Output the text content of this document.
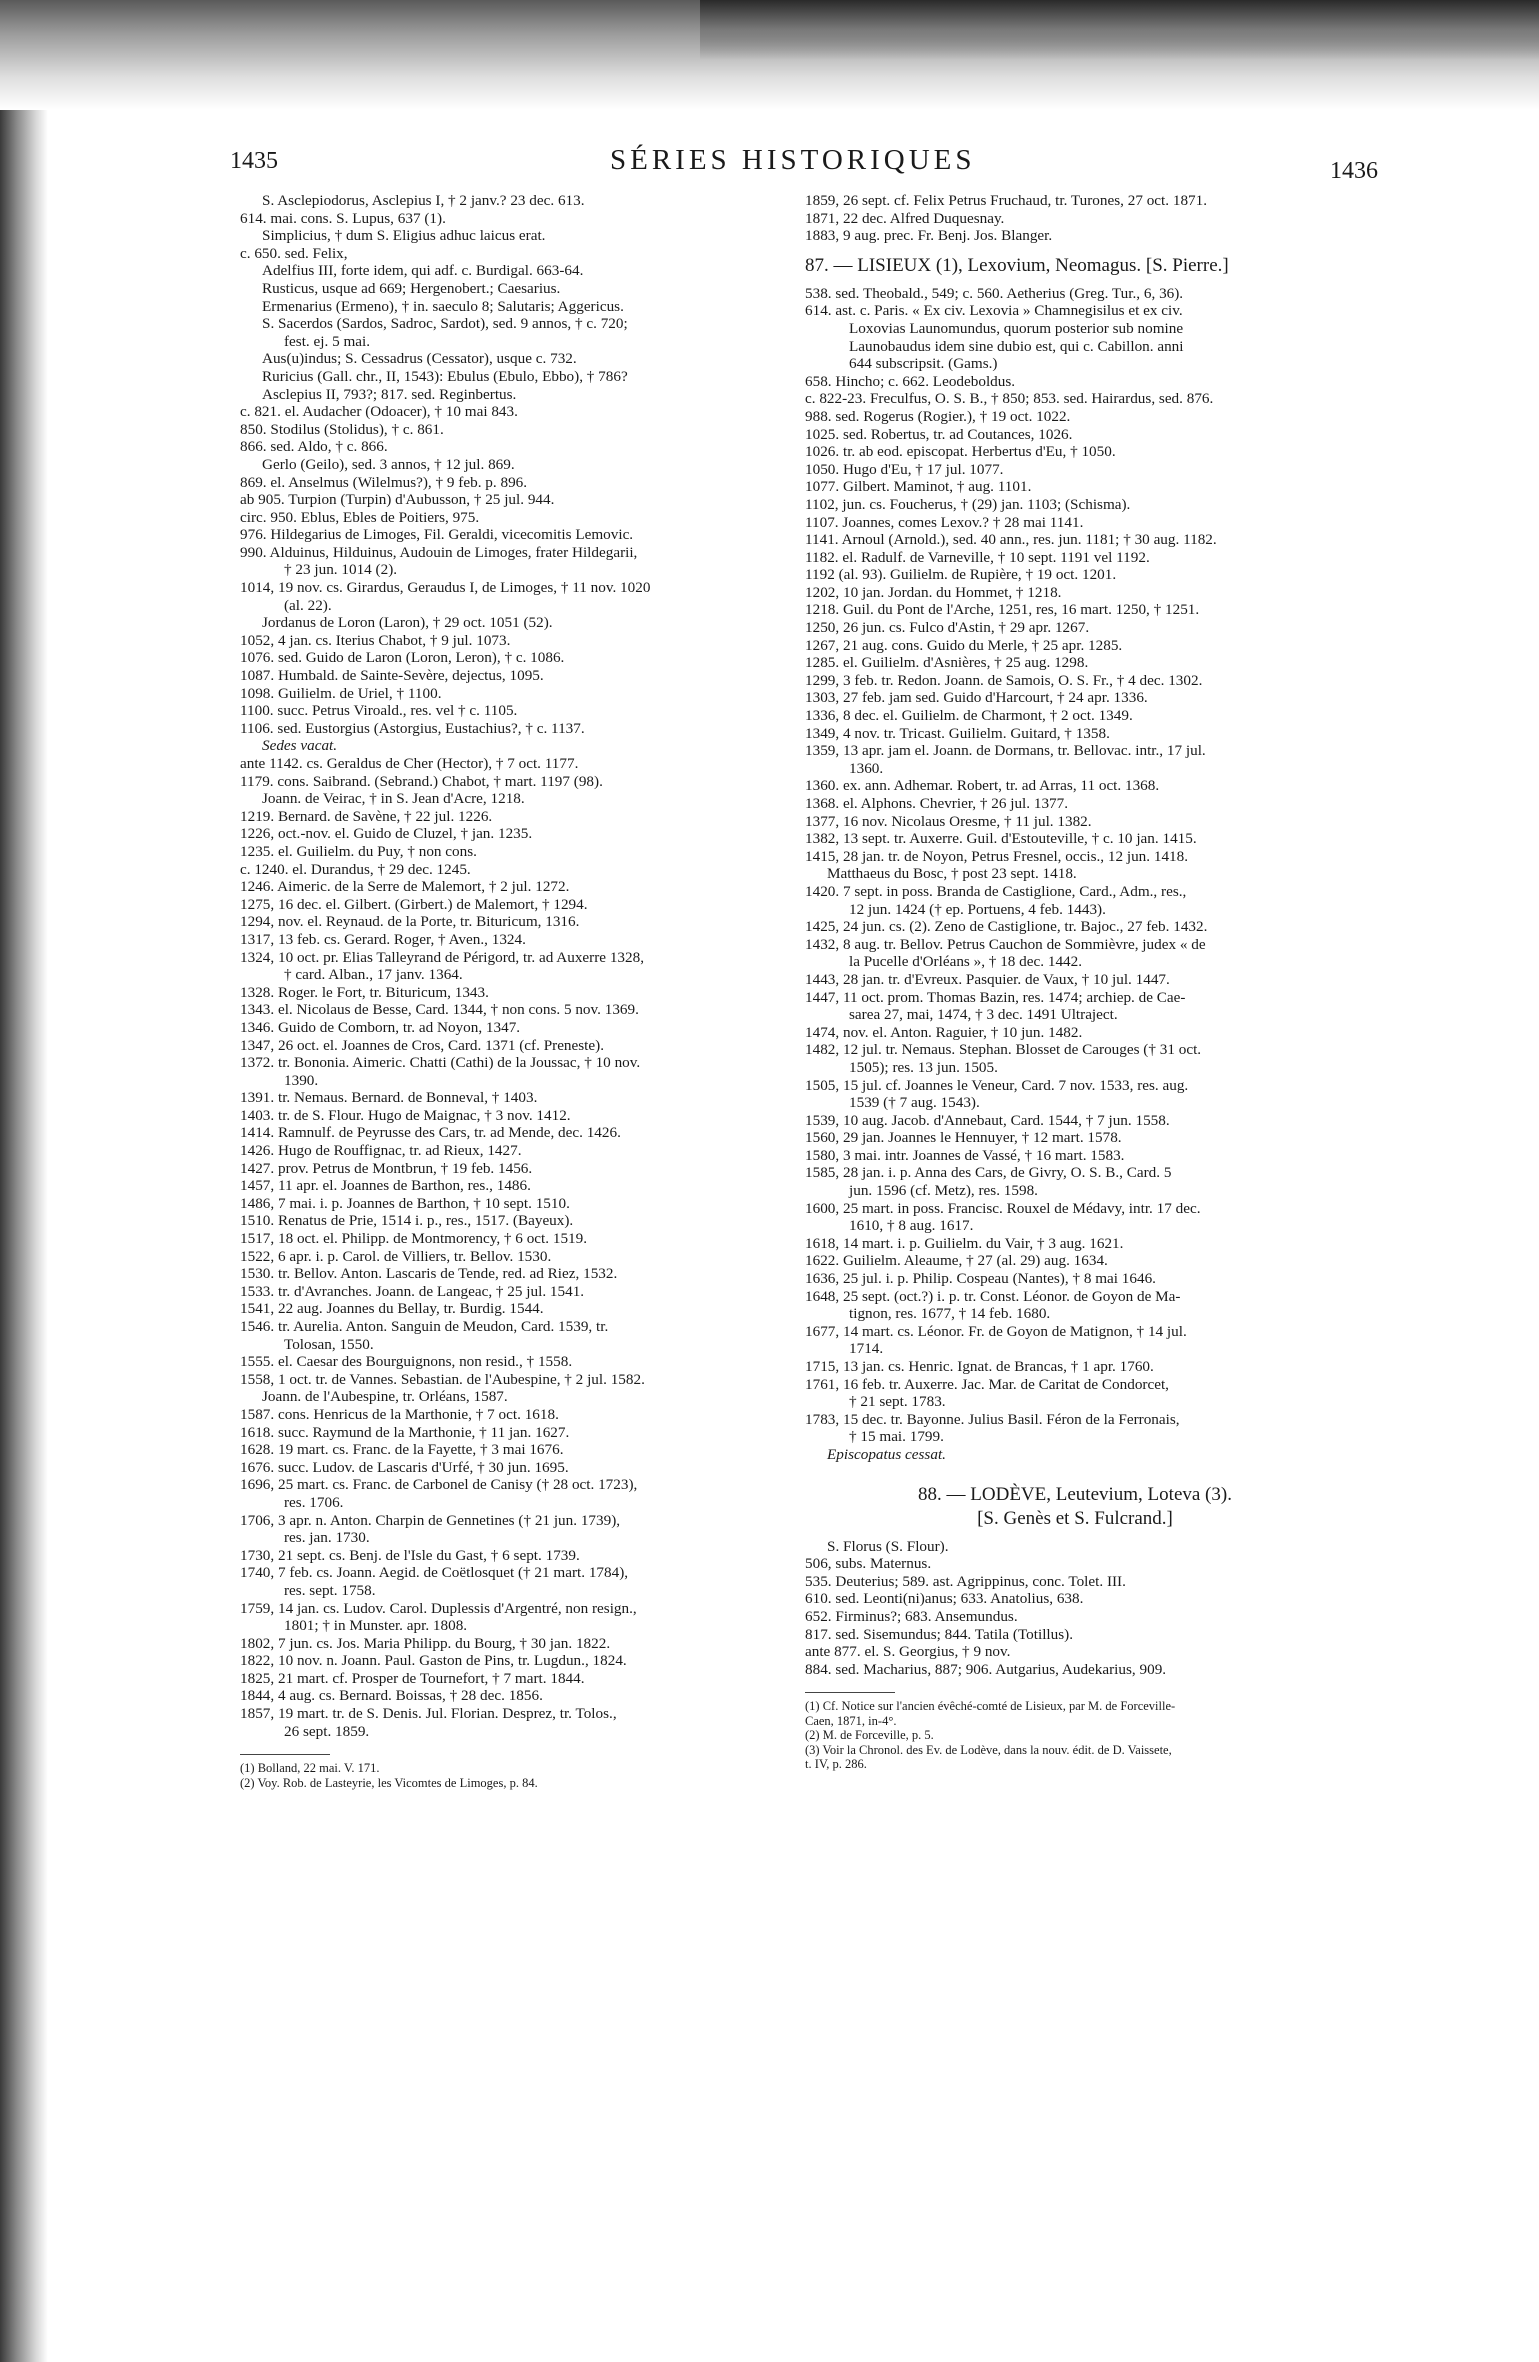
1435	SÉRIES HISTORIQUES	1436
S. Asclepiodorus, Asclepius I, † 2 janv.? 23 dec. 613.
614. mai. cons. S. Lupus, 637 (1).
Simplicius, † dum S. Eligius adhuc laicus erat.
c. 650. sed. Felix,
Adelfius III, forte idem, qui adf. c. Burdigal. 663-64.
Rusticus, usque ad 669; Hergenobert.; Caesarius.
Ermenarius (Ermeno), † in. saeculo 8; Salutaris; Aggericus.
S. Sacerdos (Sardos, Sadroc, Sardot), sed. 9 annos, † c. 720;
fest. ej. 5 mai.
Aus(u)indus; S. Cessadrus (Cessator), usque c. 732.
Ruricius (Gall. chr., II, 1543): Ebulus (Ebulo, Ebbo), † 786?
Asclepius II, 793?; 817. sed. Reginbertus.
c. 821. el. Audacher (Odoacer), † 10 mai 843.
850. Stodilus (Stolidus), † c. 861.
866. sed. Aldo, † c. 866.
Gerlo (Geilo), sed. 3 annos, † 12 jul. 869.
869. el. Anselmus (Wilelmus?), † 9 feb. p. 896.
ab 905. Turpion (Turpin) d'Aubusson, † 25 jul. 944.
circ. 950. Eblus, Ebles de Poitiers, 975.
976. Hildegarius de Limoges, Fil. Geraldi, vicecomitis Lemovic.
990. Alduinus, Hilduinus, Audouin de Limoges, frater Hildegarii,
† 23 jun. 1014 (2).
1014, 19 nov. cs. Girardus, Geraudus I, de Limoges, † 11 nov. 1020
(al. 22).
Jordanus de Loron (Laron), † 29 oct. 1051 (52).
1052, 4 jan. cs. Iterius Chabot, † 9 jul. 1073.
1076. sed. Guido de Laron (Loron, Leron), † c. 1086.
1087. Humbald. de Sainte-Sevère, dejectus, 1095.
1098. Guilielm. de Uriel, † 1100.
1100. succ. Petrus Viroald., res. vel † c. 1105.
1106. sed. Eustorgius (Astorgius, Eustachius?, † c. 1137.
Sedes vacat.
ante 1142. cs. Geraldus de Cher (Hector), † 7 oct. 1177.
1179. cons. Saibrand. (Sebrand.) Chabot, † mart. 1197 (98).
Joann. de Veirac, † in S. Jean d'Acre, 1218.
1219. Bernard. de Savène, † 22 jul. 1226.
1226, oct.-nov. el. Guido de Cluzel, † jan. 1235.
1235. el. Guilielm. du Puy, † non cons.
c. 1240. el. Durandus, † 29 dec. 1245.
1246. Aimeric. de la Serre de Malemort, † 2 jul. 1272.
1275, 16 dec. el. Gilbert. (Girbert.) de Malemort, † 1294.
1294, nov. el. Reynaud. de la Porte, tr. Bituricum, 1316.
1317, 13 feb. cs. Gerard. Roger, † Aven., 1324.
1324, 10 oct. pr. Elias Talleyrand de Périgord, tr. ad Auxerre 1328,
† card. Alban., 17 janv. 1364.
1328. Roger. le Fort, tr. Bituricum, 1343.
1343. el. Nicolaus de Besse, Card. 1344, † non cons. 5 nov. 1369.
1346. Guido de Comborn, tr. ad Noyon, 1347.
1347, 26 oct. el. Joannes de Cros, Card. 1371 (cf. Preneste).
1372. tr. Bononia. Aimeric. Chatti (Cathi) de la Joussac, † 10 nov.
1390.
1391. tr. Nemaus. Bernard. de Bonneval, † 1403.
1403. tr. de S. Flour. Hugo de Maignac, † 3 nov. 1412.
1414. Ramnulf. de Peyrusse des Cars, tr. ad Mende, dec. 1426.
1426. Hugo de Rouffignac, tr. ad Rieux, 1427.
1427. prov. Petrus de Montbrun, † 19 feb. 1456.
1457, 11 apr. el. Joannes de Barthon, res., 1486.
1486, 7 mai. i. p. Joannes de Barthon, † 10 sept. 1510.
1510. Renatus de Prie, 1514 i. p., res., 1517. (Bayeux).
1517, 18 oct. el. Philipp. de Montmorency, † 6 oct. 1519.
1522, 6 apr. i. p. Carol. de Villiers, tr. Bellov. 1530.
1530. tr. Bellov. Anton. Lascaris de Tende, red. ad Riez, 1532.
1533. tr. d'Avranches. Joann. de Langeac, † 25 jul. 1541.
1541, 22 aug. Joannes du Bellay, tr. Burdig. 1544.
1546. tr. Aurelia. Anton. Sanguin de Meudon, Card. 1539, tr.
Tolosan, 1550.
1555. el. Caesar des Bourguignons, non resid., † 1558.
1558, 1 oct. tr. de Vannes. Sebastian. de l'Aubespine, † 2 jul. 1582.
Joann. de l'Aubespine, tr. Orléans, 1587.
1587. cons. Henricus de la Marthonie, † 7 oct. 1618.
1618. succ. Raymund de la Marthonie, † 11 jan. 1627.
1628. 19 mart. cs. Franc. de la Fayette, † 3 mai 1676.
1676. succ. Ludov. de Lascaris d'Urfé, † 30 jun. 1695.
1696, 25 mart. cs. Franc. de Carbonel de Canisy († 28 oct. 1723),
res. 1706.
1706, 3 apr. n. Anton. Charpin de Gennetines († 21 jun. 1739),
res. jan. 1730.
1730, 21 sept. cs. Benj. de l'Isle du Gast, † 6 sept. 1739.
1740, 7 feb. cs. Joann. Aegid. de Coëtlosquet († 21 mart. 1784),
res. sept. 1758.
1759, 14 jan. cs. Ludov. Carol. Duplessis d'Argentré, non resign.,
1801; † in Munster. apr. 1808.
1802, 7 jun. cs. Jos. Maria Philipp. du Bourg, † 30 jan. 1822.
1822, 10 nov. n. Joann. Paul. Gaston de Pins, tr. Lugdun., 1824.
1825, 21 mart. cf. Prosper de Tournefort, † 7 mart. 1844.
1844, 4 aug. cs. Bernard. Boissas, † 28 dec. 1856.
1857, 19 mart. tr. de S. Denis. Jul. Florian. Desprez, tr. Tolos.,
26 sept. 1859.
(1) Bolland, 22 mai. V. 171.
(2) Voy. Rob. de Lasteyrie, les Vicomtes de Limoges, p. 84.
1859, 26 sept. cf. Felix Petrus Fruchaud, tr. Turones, 27 oct. 1871.
1871, 22 dec. Alfred Duquesnay.
1883, 9 aug. prec. Fr. Benj. Jos. Blanger.
87. — LISIEUX (1), Lexovium, Neomagus. [S. Pierre.]
538. sed. Theobald., 549; c. 560. Aetherius (Greg. Tur., 6, 36).
614. ast. c. Paris. « Ex civ. Lexovia » Chamnegisilus et ex civ.
Loxovias Launomundus, quorum posterior sub nomine
Launobaudus idem sine dubio est, qui c. Cabillon. anni
644 subscripsit. (Gams.)
658. Hincho; c. 662. Leodeboldus.
c. 822-23. Freculfus, O. S. B., † 850; 853. sed. Hairardus, sed. 876.
988. sed. Rogerus (Rogier.), † 19 oct. 1022.
1025. sed. Robertus, tr. ad Coutances, 1026.
1026. tr. ab eod. episcopat. Herbertus d'Eu, † 1050.
1050. Hugo d'Eu, † 17 jul. 1077.
1077. Gilbert. Maminot, † aug. 1101.
1102, jun. cs. Foucherus, † (29) jan. 1103; (Schisma).
1107. Joannes, comes Lexov.? † 28 mai 1141.
1141. Arnoul (Arnold.), sed. 40 ann., res. jun. 1181; † 30 aug. 1182.
1182. el. Radulf. de Varneville, † 10 sept. 1191 vel 1192.
1192 (al. 93). Guilielm. de Rupière, † 19 oct. 1201.
1202, 10 jan. Jordan. du Hommet, † 1218.
1218. Guil. du Pont de l'Arche, 1251, res, 16 mart. 1250, † 1251.
1250, 26 jun. cs. Fulco d'Astin, † 29 apr. 1267.
1267, 21 aug. cons. Guido du Merle, † 25 apr. 1285.
1285. el. Guilielm. d'Asnières, † 25 aug. 1298.
1299, 3 feb. tr. Redon. Joann. de Samois, O. S. Fr., † 4 dec. 1302.
1303, 27 feb. jam sed. Guido d'Harcourt, † 24 apr. 1336.
1336, 8 dec. el. Guilielm. de Charmont, † 2 oct. 1349.
1349, 4 nov. tr. Tricast. Guilielm. Guitard, † 1358.
1359, 13 apr. jam el. Joann. de Dormans, tr. Bellovac. intr., 17 jul.
1360.
1360. ex. ann. Adhemar. Robert, tr. ad Arras, 11 oct. 1368.
1368. el. Alphons. Chevrier, † 26 jul. 1377.
1377, 16 nov. Nicolaus Oresme, † 11 jul. 1382.
1382, 13 sept. tr. Auxerre. Guil. d'Estouteville, † c. 10 jan. 1415.
1415, 28 jan. tr. de Noyon, Petrus Fresnel, occis., 12 jun. 1418.
Matthaeus du Bosc, † post 23 sept. 1418.
1420. 7 sept. in poss. Branda de Castiglione, Card., Adm., res.,
12 jun. 1424 († ep. Portuens, 4 feb. 1443).
1425, 24 jun. cs. (2). Zeno de Castiglione, tr. Bajoc., 27 feb. 1432.
1432, 8 aug. tr. Bellov. Petrus Cauchon de Sommièvre, judex « de
la Pucelle d'Orléans », † 18 dec. 1442.
1443, 28 jan. tr. d'Evreux. Pasquier. de Vaux, † 10 jul. 1447.
1447, 11 oct. prom. Thomas Bazin, res. 1474; archiep. de Cae-
sarea 27, mai, 1474, † 3 dec. 1491 Ultraject.
1474, nov. el. Anton. Raguier, † 10 jun. 1482.
1482, 12 jul. tr. Nemaus. Stephan. Blosset de Carouges († 31 oct.
1505); res. 13 jun. 1505.
1505, 15 jul. cf. Joannes le Veneur, Card. 7 nov. 1533, res. aug.
1539 († 7 aug. 1543).
1539, 10 aug. Jacob. d'Annebaut, Card. 1544, † 7 jun. 1558.
1560, 29 jan. Joannes le Hennuyer, † 12 mart. 1578.
1580, 3 mai. intr. Joannes de Vassé, † 16 mart. 1583.
1585, 28 jan. i. p. Anna des Cars, de Givry, O. S. B., Card. 5
jun. 1596 (cf. Metz), res. 1598.
1600, 25 mart. in poss. Francisc. Rouxel de Médavy, intr. 17 dec.
1610, † 8 aug. 1617.
1618, 14 mart. i. p. Guilielm. du Vair, † 3 aug. 1621.
1622. Guilielm. Aleaume, † 27 (al. 29) aug. 1634.
1636, 25 jul. i. p. Philip. Cospeau (Nantes), † 8 mai 1646.
1648, 25 sept. (oct.?) i. p. tr. Const. Léonor. de Goyon de Ma-
tignon, res. 1677, † 14 feb. 1680.
1677, 14 mart. cs. Léonor. Fr. de Goyon de Matignon, † 14 jul.
1714.
1715, 13 jan. cs. Henric. Ignat. de Brancas, † 1 apr. 1760.
1761, 16 feb. tr. Auxerre. Jac. Mar. de Caritat de Condorcet,
† 21 sept. 1783.
1783, 15 dec. tr. Bayonne. Julius Basil. Féron de la Ferronais,
† 15 mai. 1799.
Episcopatus cessat.
88. — LODÈVE, Leutevium, Loteva (3).
[S. Genès et S. Fulcrand.]
S. Florus (S. Flour).
506, subs. Maternus.
535. Deuterius; 589. ast. Agrippinus, conc. Tolet. III.
610. sed. Leonti(ni)anus; 633. Anatolius, 638.
652. Firminus?; 683. Ansemundus.
817. sed. Sisemundus; 844. Tatila (Totillus).
ante 877. el. S. Georgius, † 9 nov.
884. sed. Macharius, 887; 906. Autgarius, Audekarius, 909.
(1) Cf. Notice sur l'ancien évêché-comté de Lisieux, par M. de Forceville-
Caen, 1871, in-4°.
(2) M. de Forceville, p. 5.
(3) Voir la Chronol. des Ev. de Lodève, dans la nouv. édit. de D. Vaissete,
t. IV, p. 286.
